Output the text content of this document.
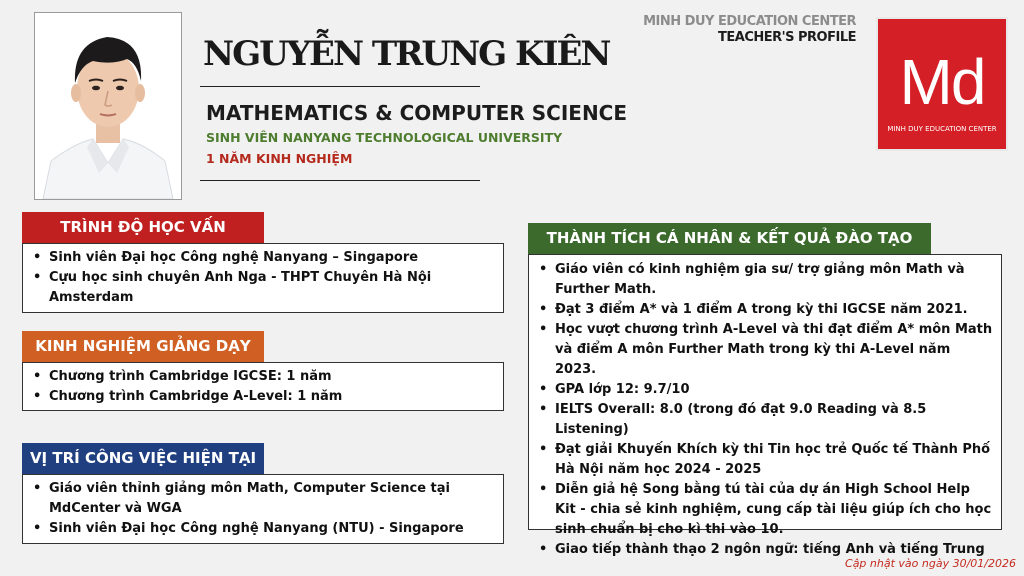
NGUYỄN TRUNG KIÊN
MATHEMATICS & COMPUTER SCIENCE
SINH VIÊN NANYANG TECHNOLOGICAL UNIVERSITY
1 NĂM KINH NGHIỆM
MINH DUY EDUCATION CENTER
TEACHER'S PROFILE
Md
MINH DUY EDUCATION CENTER
TRÌNH ĐỘ HỌC VẤN
• Sinh viên Đại học Công nghệ Nanyang – Singapore
• Cựu học sinh chuyên Anh Nga - THPT Chuyên Hà Nội Amsterdam
KINH NGHIỆM GIẢNG DẠY
• Chương trình Cambridge IGCSE: 1 năm
• Chương trình Cambridge A-Level: 1 năm
VỊ TRÍ CÔNG VIỆC HIỆN TẠI
• Giáo viên thỉnh giảng môn Math, Computer Science tại MdCenter và WGA
• Sinh viên Đại học Công nghệ Nanyang (NTU) - Singapore
THÀNH TÍCH CÁ NHÂN & KẾT QUẢ ĐÀO TẠO
• Giáo viên có kinh nghiệm gia sư/ trợ giảng môn Math và Further Math.
• Đạt 3 điểm A* và 1 điểm A trong kỳ thi IGCSE năm 2021.
• Học vượt chương trình A-Level và thi đạt điểm A* môn Math và điểm A môn Further Math trong kỳ thi A-Level năm 2023.
• GPA lớp 12: 9.7/10
• IELTS Overall: 8.0 (trong đó đạt 9.0 Reading và 8.5 Listening)
• Đạt giải Khuyến Khích kỳ thi Tin học trẻ Quốc tế Thành Phố Hà Nội năm học 2024 - 2025
• Diễn giả hệ Song bằng tú tài của dự án High School Help Kit - chia sẻ kinh nghiệm, cung cấp tài liệu giúp ích cho học sinh chuẩn bị cho kì thi vào 10.
• Giao tiếp thành thạo 2 ngôn ngữ: tiếng Anh và tiếng Trung
Cập nhật vào ngày 30/01/2026
